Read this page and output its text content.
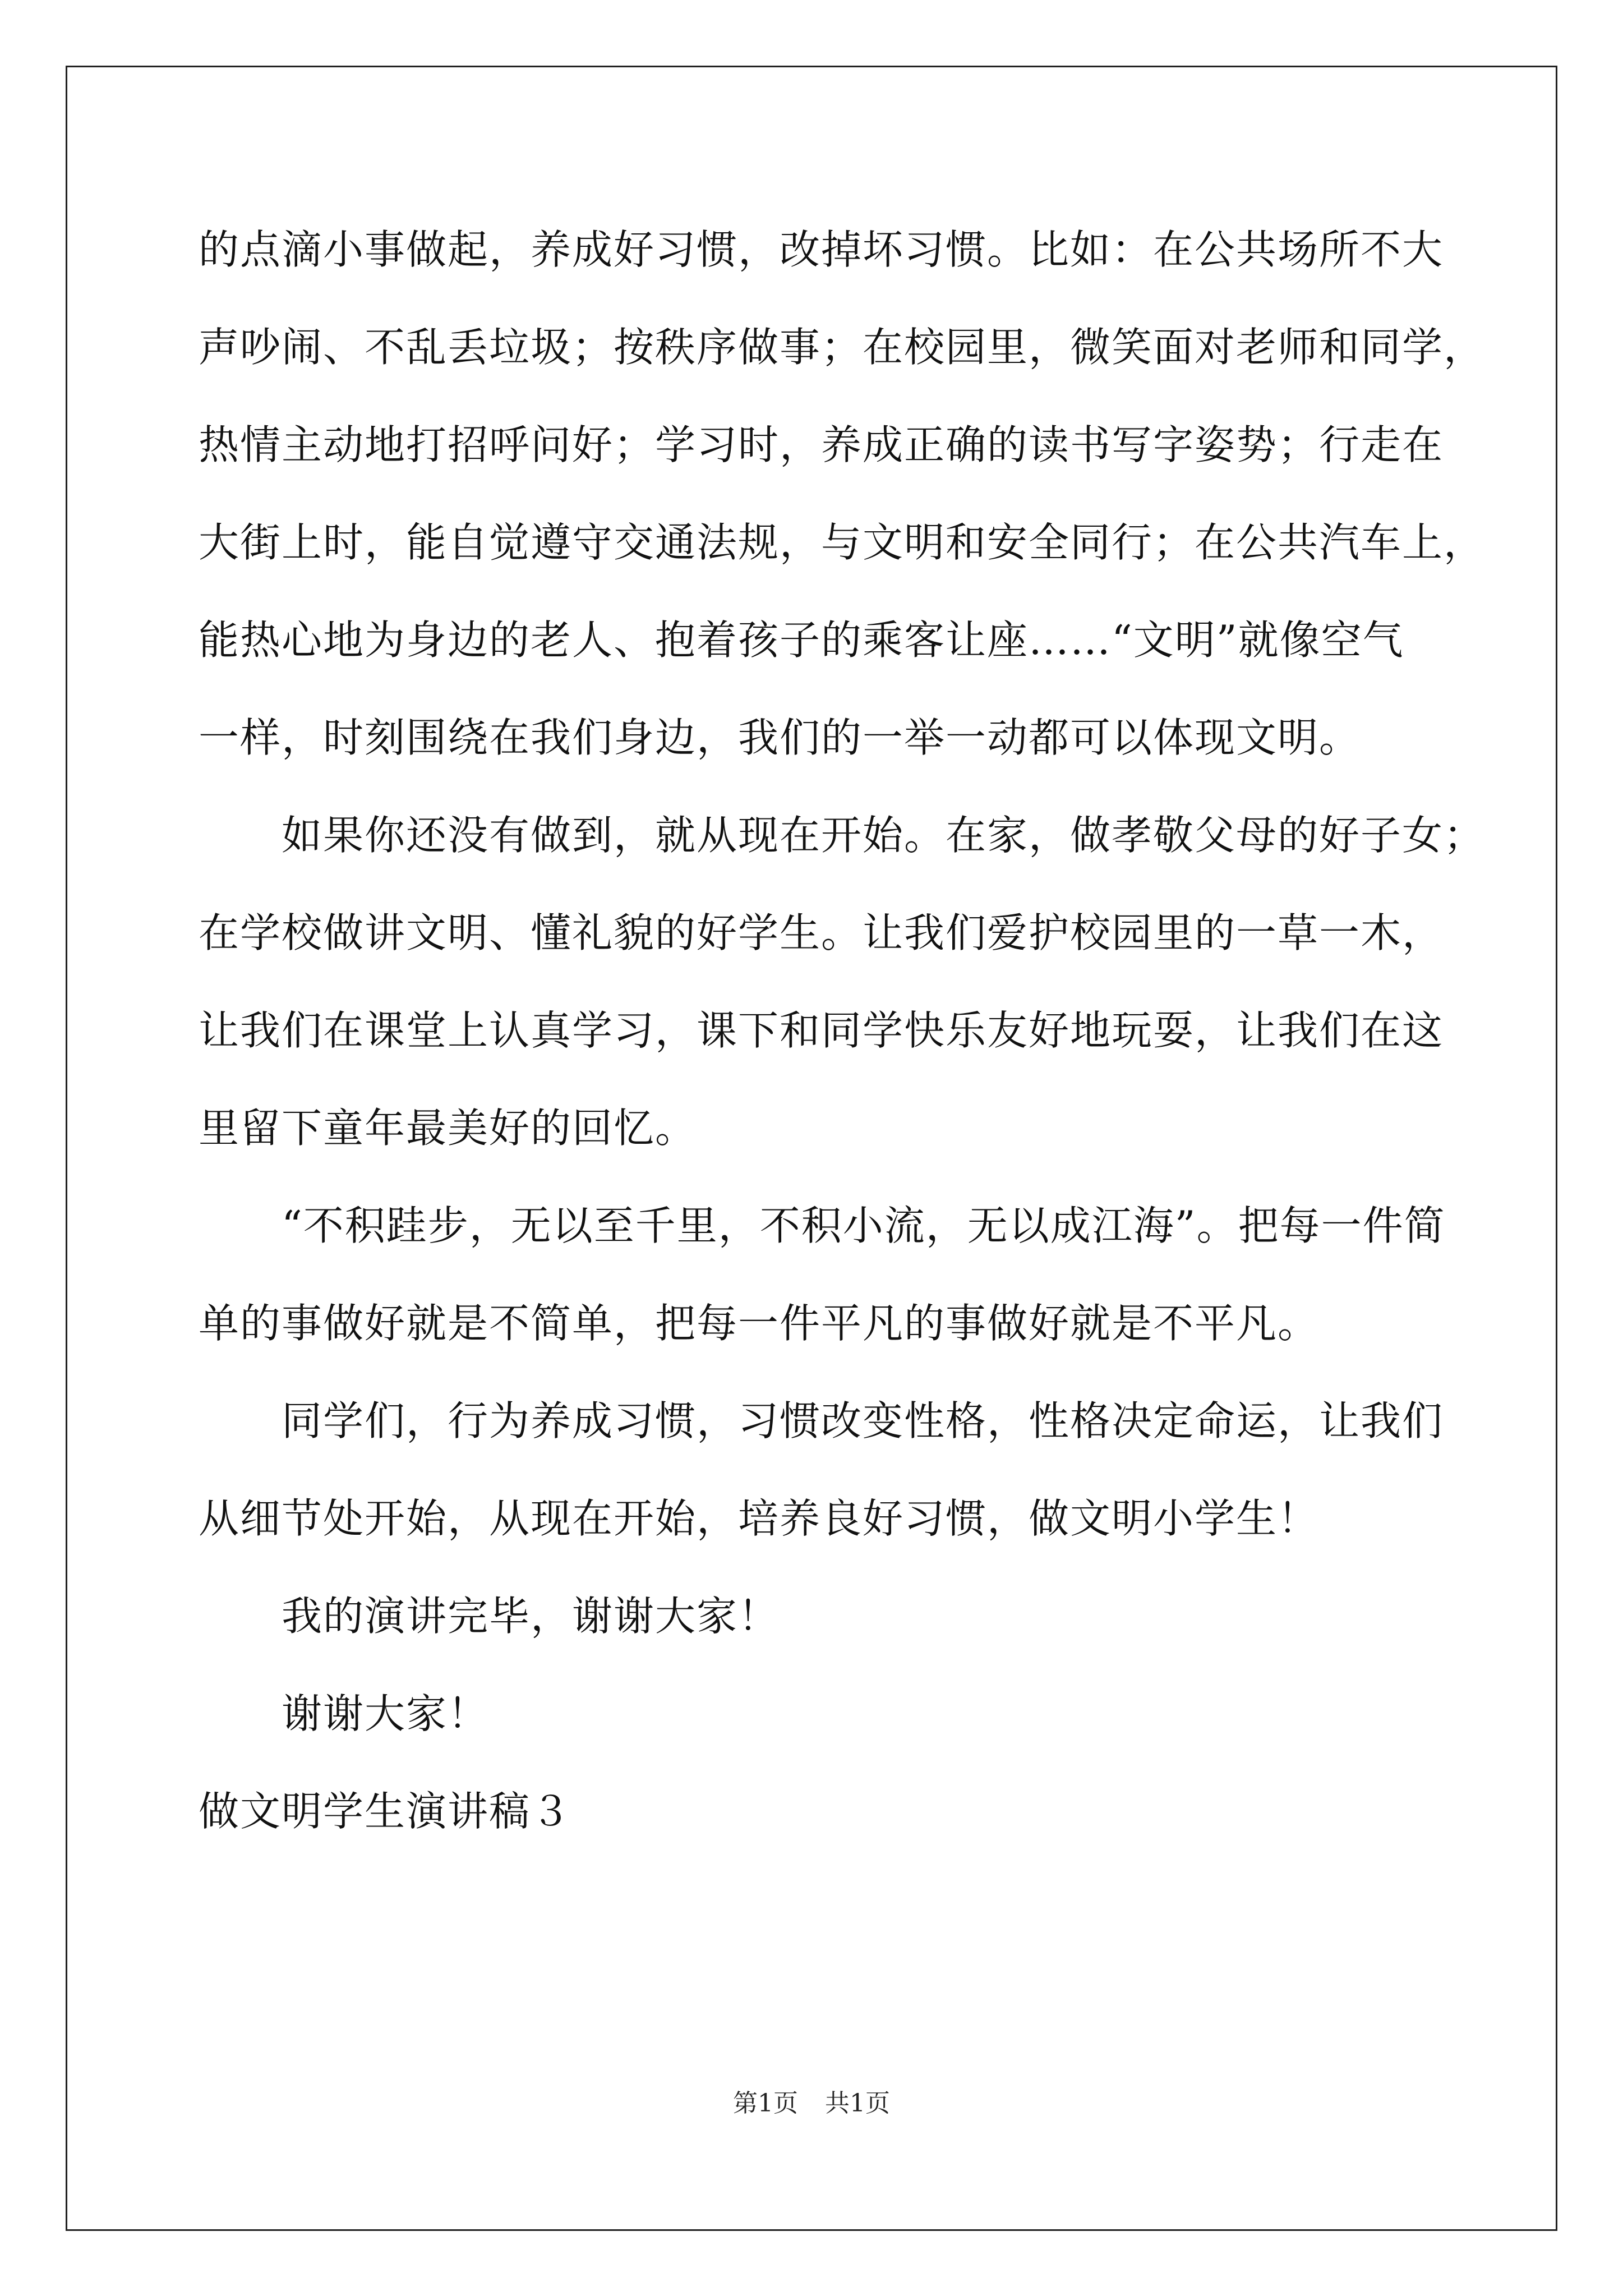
的点滴小事做起，养成好习惯，改掉坏习惯。比如：在公共场所不大
声吵闹、不乱丢垃圾；按秩序做事；在校园里，微笑面对老师和同学，
热情主动地打招呼问好；学习时，养成正确的读书写字姿势；行走在
大街上时，能自觉遵守交通法规，与文明和安全同行；在公共汽车上，
能热心地为身边的老人、抱着孩子的乘客让座……“文明”就像空气
一样，时刻围绕在我们身边，我们的一举一动都可以体现文明。
如果你还没有做到，就从现在开始。在家，做孝敬父母的好子女；
在学校做讲文明、懂礼貌的好学生。让我们爱护校园里的一草一木，
让我们在课堂上认真学习，课下和同学快乐友好地玩耍，让我们在这
里留下童年最美好的回忆。
“不积跬步，无以至千里，不积小流，无以成江海”。把每一件简
单的事做好就是不简单，把每一件平凡的事做好就是不平凡。
同学们，行为养成习惯，习惯改变性格，性格决定命运，让我们
从细节处开始，从现在开始，培养良好习惯，做文明小学生！
我的演讲完毕，谢谢大家！
谢谢大家！
做文明学生演讲稿３
第1页 共1页
